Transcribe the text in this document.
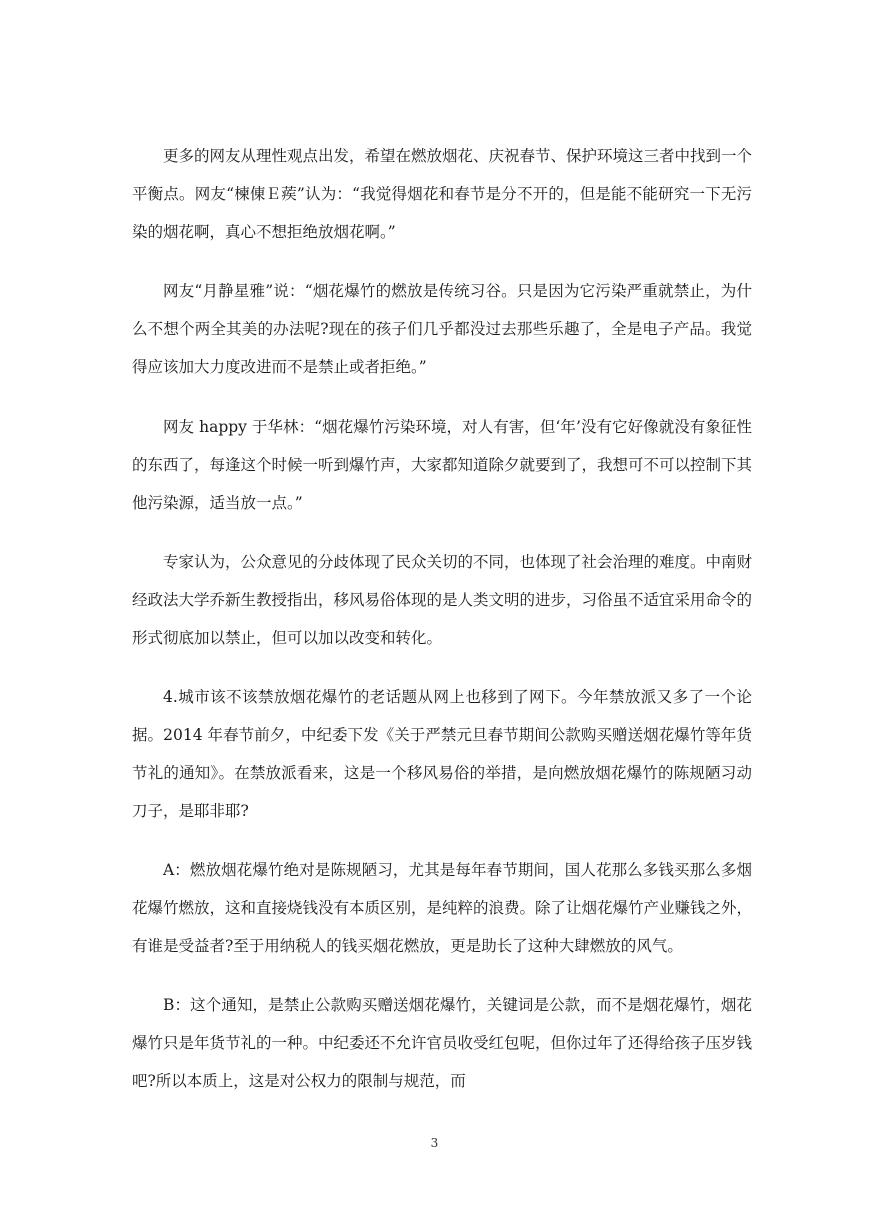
更多的网友从理性观点出发，希望在燃放烟花、庆祝春节、保护环境这三者中找到一个平衡点。网友“楝倲Ｅ蒺”认为：“我觉得烟花和春节是分不开的，但是能不能研究一下无污染的烟花啊，真心不想拒绝放烟花啊。”

网友“月静星雅”说：“烟花爆竹的燃放是传统习谷。只是因为它污染严重就禁止，为什么不想个两全其美的办法呢?现在的孩子们几乎都没过去那些乐趣了，全是电子产品。我觉得应该加大力度改进而不是禁止或者拒绝。”

网友 happy 于华林：“烟花爆竹污染环境，对人有害，但‘年’没有它好像就没有象征性的东西了，每逢这个时候一听到爆竹声，大家都知道除夕就要到了，我想可不可以控制下其他污染源，适当放一点。”

专家认为，公众意见的分歧体现了民众关切的不同，也体现了社会治理的难度。中南财经政法大学乔新生教授指出，移风易俗体现的是人类文明的进步，习俗虽不适宜采用命令的形式彻底加以禁止，但可以加以改变和转化。

4.城市该不该禁放烟花爆竹的老话题从网上也移到了网下。今年禁放派又多了一个论据。2014 年春节前夕，中纪委下发《关于严禁元旦春节期间公款购买赠送烟花爆竹等年货节礼的通知》。在禁放派看来，这是一个移风易俗的举措，是向燃放烟花爆竹的陈规陋习动刀子，是耶非耶?

A：燃放烟花爆竹绝对是陈规陋习，尤其是每年春节期间，国人花那么多钱买那么多烟花爆竹燃放，这和直接烧钱没有本质区别，是纯粹的浪费。除了让烟花爆竹产业赚钱之外，有谁是受益者?至于用纳税人的钱买烟花燃放，更是助长了这种大肆燃放的风气。

B：这个通知，是禁止公款购买赠送烟花爆竹，关键词是公款，而不是烟花爆竹，烟花爆竹只是年货节礼的一种。中纪委还不允许官员收受红包呢，但你过年了还得给孩子压岁钱吧?所以本质上，这是对公权力的限制与规范，而

3
